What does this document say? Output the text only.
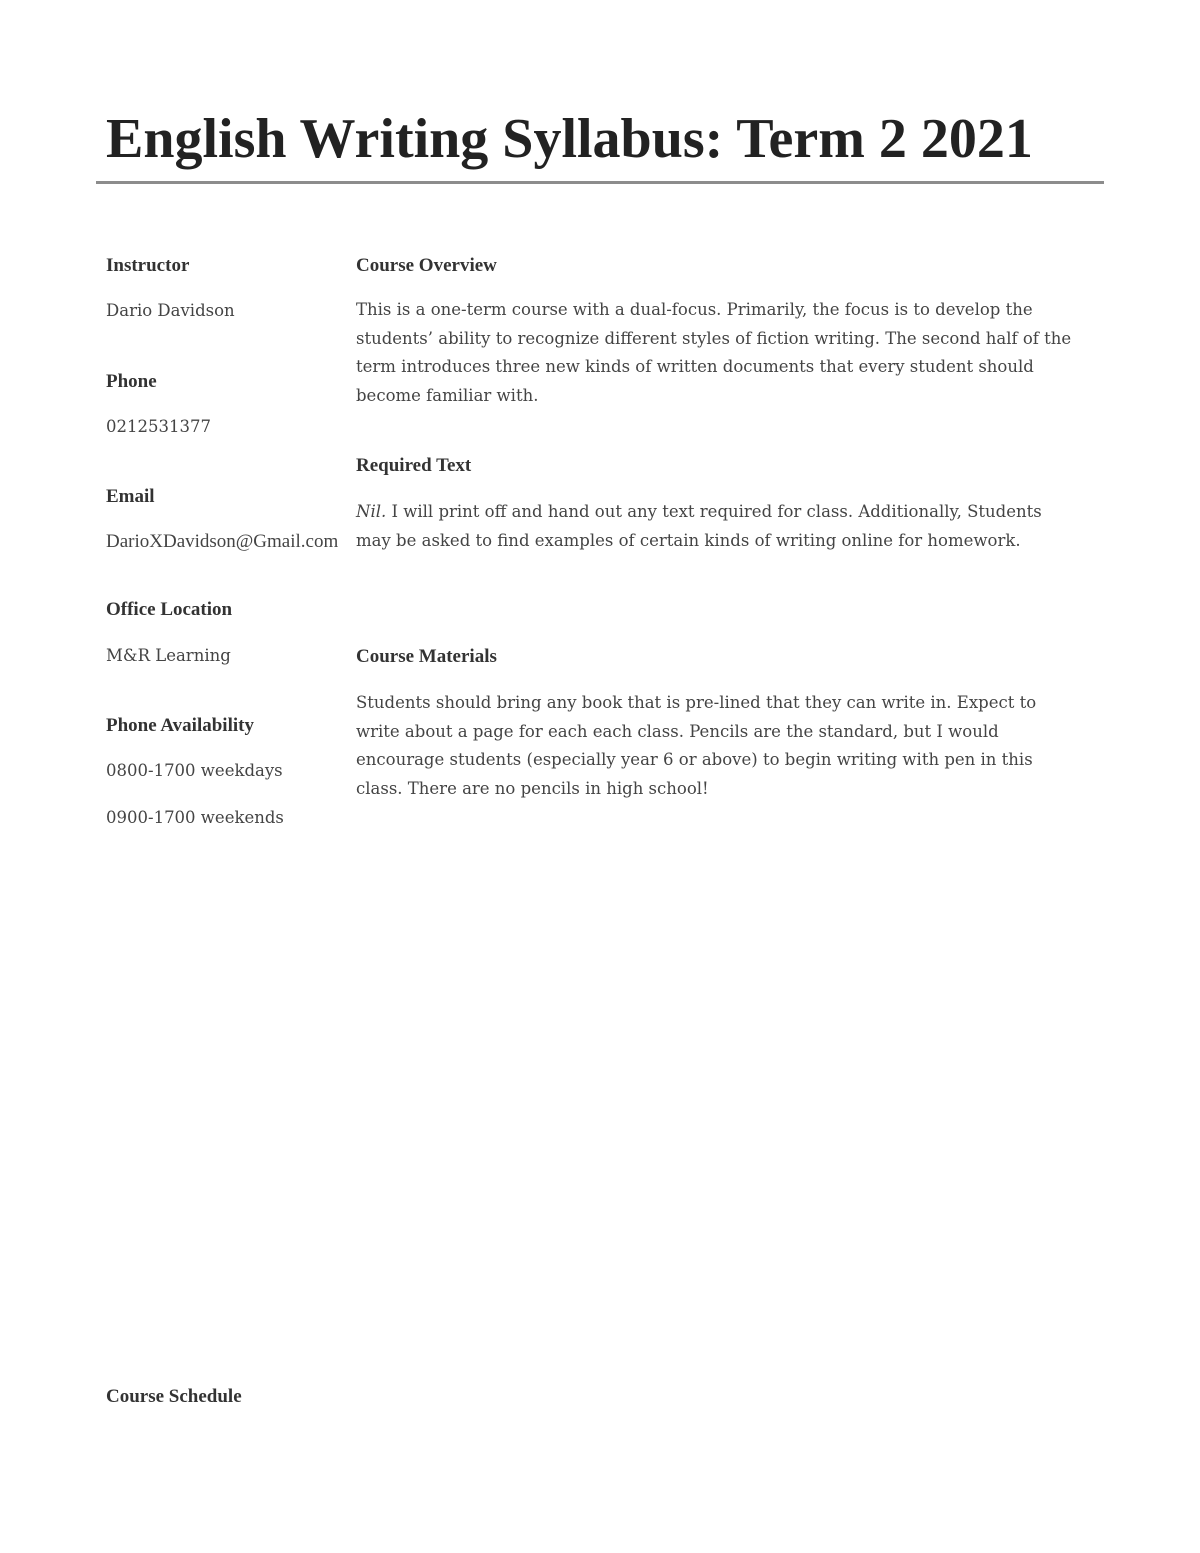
English Writing Syllabus: Term 2 2021

Instructor

Dario Davidson

Phone

0212531377

Email

DarioXDavidson@Gmail.com

Office Location

M&R Learning

Phone Availability

0800-1700 weekdays

0900-1700 weekends

Course Overview

This is a one-term course with a dual-focus. Primarily, the focus is to develop the
students’ ability to recognize different styles of fiction writing. The second half of the
term introduces three new kinds of written documents that every student should
become familiar with.

Required Text

Nil. I will print off and hand out any text required for class. Additionally, Students
may be asked to find examples of certain kinds of writing online for homework.

Course Materials

Students should bring any book that is pre-lined that they can write in. Expect to
write about a page for each each class. Pencils are the standard, but I would
encourage students (especially year 6 or above) to begin writing with pen in this
class. There are no pencils in high school!

Course Schedule
